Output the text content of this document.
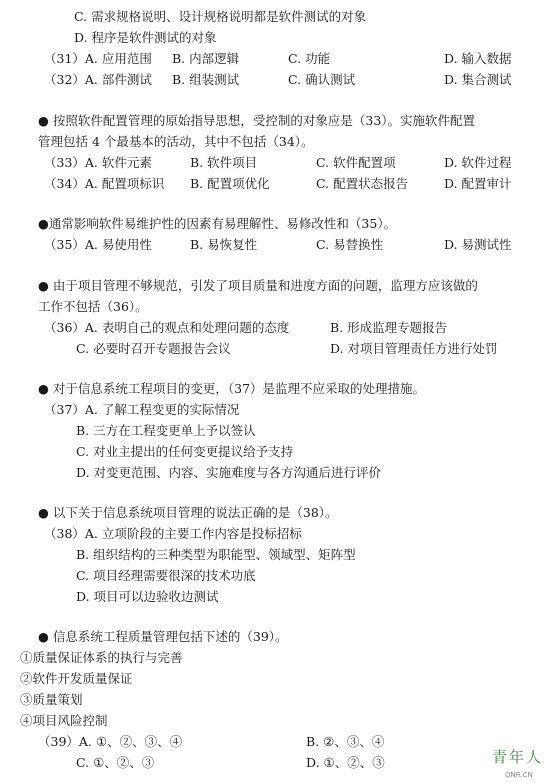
C. 需求规格说明、设计规格说明都是软件测试的对象
D. 程序是软件测试的对象
（31）A. 应用范围 B. 内部逻辑	C. 功能	D. 输入数据
（32）A. 部件测试 B. 组装测试	C. 确认测试	D. 集合测试
● 按照软件配置管理的原始指导思想，受控制的对象应是（33）。实施软件配置
管理包括 4 个最基本的活动，其中不包括（34）。
（33）A. 软件元素	B. 软件项目	C. 软件配置项	D. 软件过程
（34）A. 配置项标识 B. 配置项优化	C. 配置状态报告	D. 配置审计
●通常影响软件易维护性的因素有易理解性、易修改性和（35）。
（35）A. 易使用性	B. 易恢复性	C. 易替换性	D. 易测试性
● 由于项目管理不够规范，引发了项目质量和进度方面的问题，监理方应该做的
工作不包括（36）。
（36）A. 表明自己的观点和处理问题的态度	B. 形成监理专题报告
C. 必要时召开专题报告会议	D. 对项目管理责任方进行处罚
● 对于信息系统工程项目的变更，（37）是监理不应采取的处理措施。
（37）A. 了解工程变更的实际情况
B. 三方在工程变更单上予以签认
C. 对业主提出的任何变更提议给予支持
D. 对变更范围、内容、实施难度与各方沟通后进行评价
● 以下关于信息系统项目管理的说法正确的是（38）。
（38）A. 立项阶段的主要工作内容是投标招标
B. 组织结构的三种类型为职能型、领域型、矩阵型
C. 项目经理需要很深的技术功底
D. 项目可以边验收边测试
● 信息系统工程质量管理包括下述的（39）。
①质量保证体系的执行与完善
②软件开发质量保证
③质量策划
④项目风险控制
（39）A. ①、②、③、④	B. ②、③、④
C. ①、②、③	D. ①、②、③	青年人
QNR.CN
